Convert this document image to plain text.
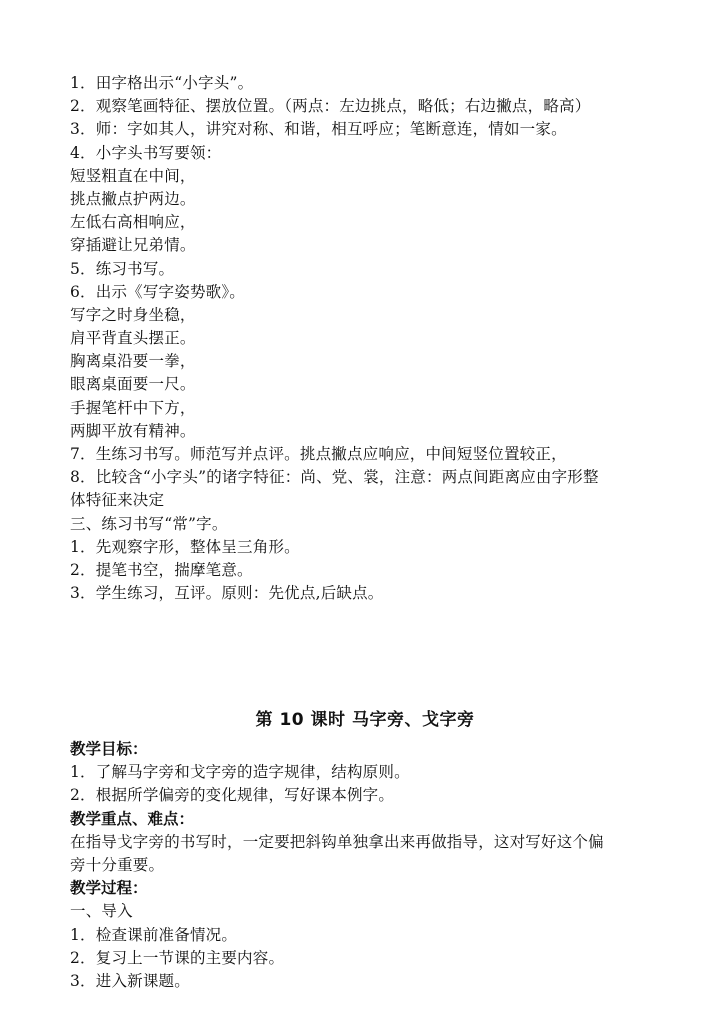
1．田字格出示“小字头”。
2．观察笔画特征、摆放位置。（两点：左边挑点，略低；右边撇点，略高）
3．师：字如其人，讲究对称、和谐，相互呼应；笔断意连，情如一家。
4．小字头书写要领：
短竖粗直在中间，
挑点撇点护两边。
左低右高相响应，
穿插避让兄弟情。
5．练习书写。
6．出示《写字姿势歌》。
写字之时身坐稳，
肩平背直头摆正。
胸离桌沿要一拳，
眼离桌面要一尺。
手握笔杆中下方，
两脚平放有精神。
7．生练习书写。师范写并点评。挑点撇点应响应，中间短竖位置较正，
8．比较含“小字头”的诸字特征：尚、党、裳，注意：两点间距离应由字形整
体特征来决定
三、练习书写“常”字。
1．先观察字形，整体呈三角形。
2．提笔书空，揣摩笔意。
3．学生练习，互评。原则：先优点,后缺点。
第 10 课时 马字旁、戈字旁
教学目标：
1．了解马字旁和戈字旁的造字规律，结构原则。
2．根据所学偏旁的变化规律，写好课本例字。
教学重点、难点：
在指导戈字旁的书写时，一定要把斜钩单独拿出来再做指导，这对写好这个偏
旁十分重要。
教学过程：
一、导入
1．检查课前准备情况。
2．复习上一节课的主要内容。
3．进入新课题。
